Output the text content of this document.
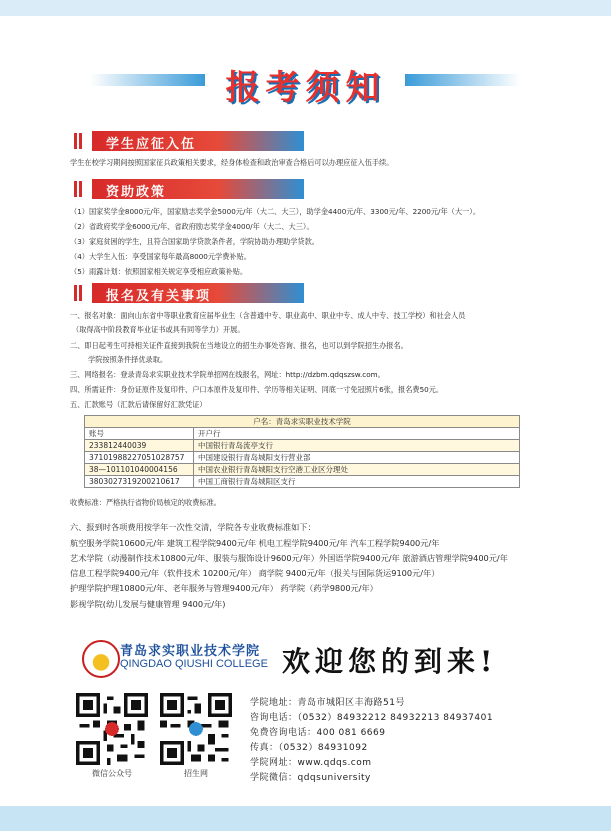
报考须知
学生应征入伍
学生在校学习期间按照国家征兵政策相关要求，经身体检查和政治审查合格后可以办理应征入伍手续。
资助政策
（1）国家奖学金8000元/年，国家励志奖学金5000元/年（大二、大三），助学金4400元/年、3300元/年、2200元/年（大一）。
（2）省政府奖学金6000元/年、省政府励志奖学金4000/年（大二、大三）。
（3）家庭贫困的学生，且符合国家助学贷款条件者，学院协助办理助学贷款。
（4）大学生入伍：享受国家每年最高8000元学费补贴。
（5）雨露计划：依照国家相关规定享受相应政策补贴。
报名及有关事项
一、报名对象：面向山东省中等职业教育应届毕业生（含普通中专、职业高中、职业中专、成人中专、技工学校）和社会人员
（取得高中阶段教育毕业证书或具有同等学力）开展。
二、即日起考生可持相关证件直接到我院在当地设立的招生办事处咨询、报名，也可以到学院招生办报名。
学院按照条件择优录取。
三、网络报名：登录青岛求实职业技术学院单招网在线报名，网址：http://dzbm.qdqszsw.com。
四、所需证件：身份证原件及复印件、户口本原件及复印件、学历等相关证明、同底一寸免冠照片6张，报名费50元。
五、汇款账号（汇款后请保留好汇款凭证）
户名：青岛求实职业技术学院	
账号	开户行
233812440039	中国银行青岛流亭支行
37101988227051028757	中国建设银行青岛城阳支行营业部
38—101101040004156	中国农业银行青岛城阳支行空港工业区分理处
3803027319200210617	中国工商银行青岛城阳区支行
收费标准：严格执行省物价局核定的收费标准。
六、报到时各项费用按学年一次性交清，学院各专业收费标准如下：
航空服务学院10600元/年 建筑工程学院9400元/年 机电工程学院9400元/年 汽车工程学院9400元/年
艺术学院（动漫制作技术10800元/年、服装与服饰设计9600元/年）外国语学院9400元/年 旅游酒店管理学院9400元/年
信息工程学院9400元/年（软件技术 10200元/年） 商学院 9400元/年（报关与国际货运9100元/年）
护理学院护理10800元/年、老年服务与管理9400元/年） 药学院（药学9800元/年）
影视学院(幼儿发展与健康管理 9400元/年)
青岛求实职业技术学院
QINGDAO QIUSHI COLLEGE 欢迎您的到来!
微信公众号	招生网
学院地址：青岛市城阳区丰海路51号
咨询电话：（0532）84932212 84932213 84937401
免费咨询电话：400 081 6669
传真：（0532）84931092
学院网址：www.qdqs.com
学院微信：qdqsuniversity
